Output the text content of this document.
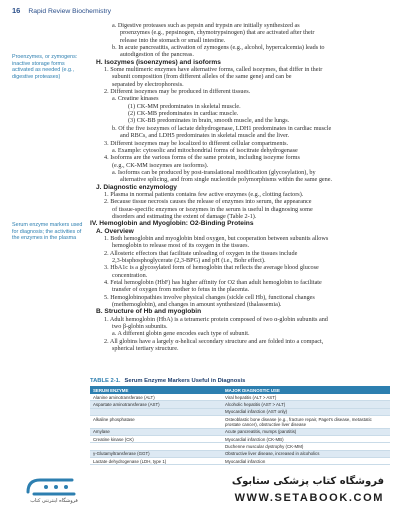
16 Rapid Review Biochemistry
Proenzymes, or zymogens: inactive storage forms activated as needed (e.g., digestive proteases)
Serum enzyme markers used for diagnosis; the activities of the enzymes in the plasma
a. Digestive proteases such as pepsin and trypsin are initially synthesized as
proenzymes (e.g., pepsinogen, chymotrypsinogen) that are activated after their
release into the stomach or small intestine.
b. In acute pancreatitis, activation of zymogens (e.g., alcohol, hypercalcemia) leads to
autodigestion of the pancreas.
H. Isozymes (isoenzymes) and isoforms
1. Some multimeric enzymes have alternative forms, called isozymes, that differ in their
subunit composition (from different alleles of the same gene) and can be
separated by electrophoresis.
2. Different isozymes may be produced in different tissues.
a. Creatine kinases
(1) CK-MM predominates in skeletal muscle.
(2) CK-MB predominates in cardiac muscle.
(3) CK-BB predominates in brain, smooth muscle, and the lungs.
b. Of the five isozymes of lactate dehydrogenase, LDH1 predominates in cardiac muscle
and RBCs, and LDH5 predominates in skeletal muscle and the liver.
3. Different isozymes may be localized to different cellular compartments.
a. Example: cytosolic and mitochondrial forms of isocitrate dehydrogenase
4. Isoforms are the various forms of the same protein, including isozyme forms
(e.g., CK-MM isozymes are isoforms).
a. Isoforms can be produced by post-translational modification (glycosylation), by
alternative splicing, and from single nucleotide polymorphisms within the same gene.
J. Diagnostic enzymology
1. Plasma in normal patients contains few active enzymes (e.g., clotting factors).
2. Because tissue necrosis causes the release of enzymes into serum, the appearance
of tissue-specific enzymes or isozymes in the serum is useful in diagnosing some
disorders and estimating the extent of damage (Table 2-1).
IV. Hemoglobin and Myoglobin: O2-Binding Proteins
A. Overview
1. Both hemoglobin and myoglobin bind oxygen, but cooperation between subunits allows
hemoglobin to release most of its oxygen in the tissues.
2. Allosteric effectors that facilitate unloading of oxygen in the tissues include
2,3-bisphosphoglycerate (2,3-BPG) and pH (i.e., Bohr effect).
3. HbA1c is a glycosylated form of hemoglobin that reflects the average blood glucose
concentration.
4. Fetal hemoglobin (HbF) has higher affinity for O2 than adult hemoglobin to facilitate
transfer of oxygen from mother to fetus in the placenta.
5. Hemoglobinopathies involve physical changes (sickle cell Hb), functional changes
(methemoglobin), and changes in amount synthesized (thalassemia).
B. Structure of Hb and myoglobin
1. Adult hemoglobin (HbA) is a tetrameric protein composed of two α-globin subunits and
two β-globin subunits.
a. A different globin gene encodes each type of subunit.
2. All globins have a largely α-helical secondary structure and are folded into a compact,
spherical tertiary structure.
TABLE 2-1. Serum Enzyme Markers Useful in Diagnosis
SERUM ENZYME	MAJOR DIAGNOSTIC USE
Alanine aminotransferase (ALT)	Viral hepatitis (ALT > AST)
Aspartate aminotransferase (AST)	Alcoholic hepatitis (AST > ALT)
	Myocardial infarction (AST only)
Alkaline phosphatase	Osteoblastic bone disease (e.g., fracture repair, Paget's disease, metastatic prostate cancer), obstructive liver disease
Amylase	Acute pancreatitis, mumps (parotitis)
Creatine kinase (CK)	Myocardial infarction (CK-MB)
	Duchenne muscular dystrophy (CK-MM)
γ-Glutamyltransferase (GGT)	Obstructive liver disease, increased in alcoholics
Lactate dehydrogenase (LDH, type 1)	Myocardial infarction
فروشگاه اینترنتی کتاب
فروشگاه کتاب پزشکی ستابوک
WWW.SETABOOK.COM
